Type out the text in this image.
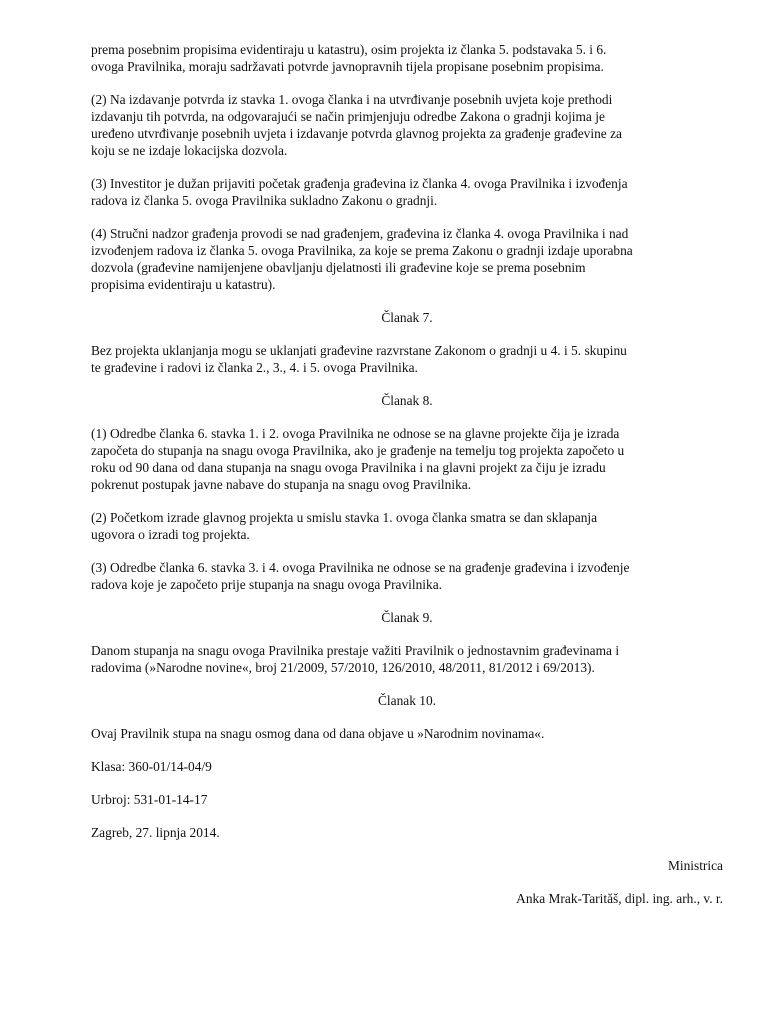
prema posebnim propisima evidentiraju u katastru), osim projekta iz članka 5. podstavaka 5. i 6.
ovoga Pravilnika, moraju sadržavati potvrde javnopravnih tijela propisane posebnim propisima.
(2) Na izdavanje potvrda iz stavka 1. ovoga članka i na utvrđivanje posebnih uvjeta koje prethodi
izdavanju tih potvrda, na odgovarajući se način primjenjuju odredbe Zakona o gradnji kojima je
uređeno utvrđivanje posebnih uvjeta i izdavanje potvrda glavnog projekta za građenje građevine za
koju se ne izdaje lokacijska dozvola.
(3) Investitor je dužan prijaviti početak građenja građevina iz članka 4. ovoga Pravilnika i izvođenja
radova iz članka 5. ovoga Pravilnika sukladno Zakonu o gradnji.
(4) Stručni nadzor građenja provodi se nad građenjem, građevina iz članka 4. ovoga Pravilnika i nad
izvođenjem radova iz članka 5. ovoga Pravilnika, za koje se prema Zakonu o gradnji izdaje uporabna
dozvola (građevine namijenjene obavljanju djelatnosti ili građevine koje se prema posebnim
propisima evidentiraju u katastru).
Članak 7.
Bez projekta uklanjanja mogu se uklanjati građevine razvrstane Zakonom o gradnji u 4. i 5. skupinu
te građevine i radovi iz članka 2., 3., 4. i 5. ovoga Pravilnika.
Članak 8.
(1) Odredbe članka 6. stavka 1. i 2. ovoga Pravilnika ne odnose se na glavne projekte čija je izrada
započeta do stupanja na snagu ovoga Pravilnika, ako je građenje na temelju tog projekta započeto u
roku od 90 dana od dana stupanja na snagu ovoga Pravilnika i na glavni projekt za čiju je izradu
pokrenut postupak javne nabave do stupanja na snagu ovog Pravilnika.
(2) Početkom izrade glavnog projekta u smislu stavka 1. ovoga članka smatra se dan sklapanja
ugovora o izradi tog projekta.
(3) Odredbe članka 6. stavka 3. i 4. ovoga Pravilnika ne odnose se na građenje građevina i izvođenje
radova koje je započeto prije stupanja na snagu ovoga Pravilnika.
Članak 9.
Danom stupanja na snagu ovoga Pravilnika prestaje važiti Pravilnik o jednostavnim građevinama i
radovima (»Narodne novine«, broj 21/2009, 57/2010, 126/2010, 48/2011, 81/2012 i 69/2013).
Članak 10.
Ovaj Pravilnik stupa na snagu osmog dana od dana objave u »Narodnim novinama«.
Klasa: 360-01/14-04/9
Urbroj: 531-01-14-17
Zagreb, 27. lipnja 2014.
Ministrica
Anka Mrak-Tarităš, dipl. ing. arh., v. r.
